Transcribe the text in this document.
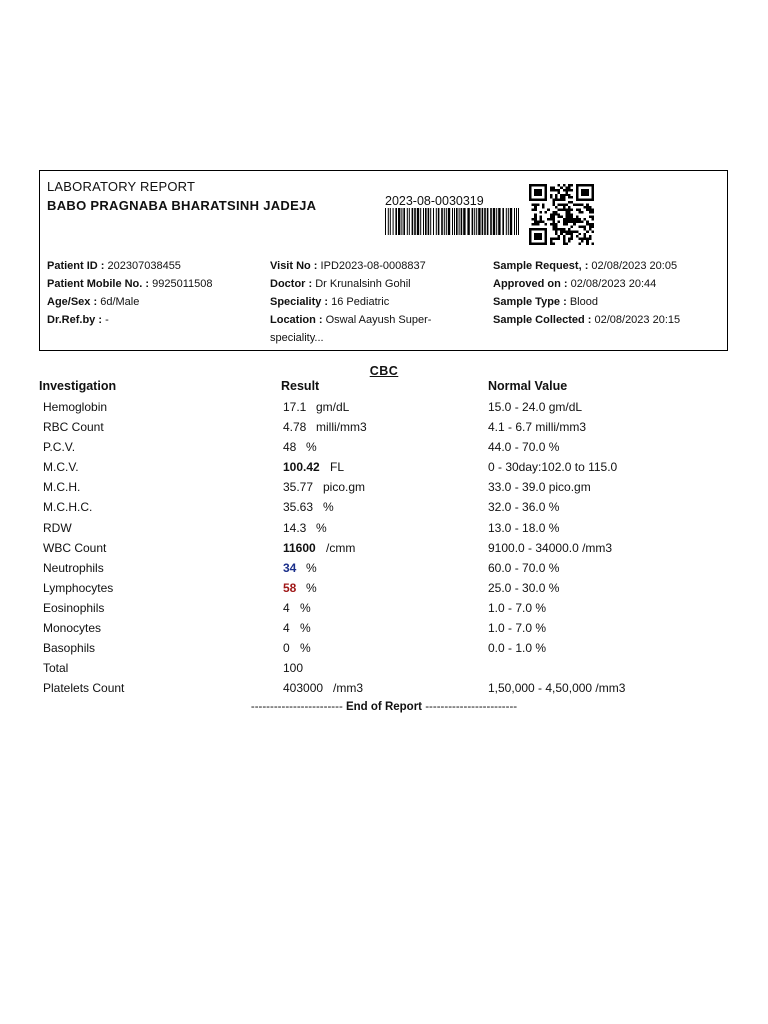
LABORATORY REPORT
BABO PRAGNABA BHARATSINH JADEJA	2023-08-0030319
Patient ID : 202307038455
Patient Mobile No. : 9925011508
Age/Sex : 6d/Male
Dr.Ref.by : -
Visit No : IPD2023-08-0008837
Doctor : Dr Krunalsinh Gohil
Speciality : 16 Pediatric
Location : Oswal Aayush Super-
speciality...
Sample Request, : 02/08/2023 20:05
Approved on : 02/08/2023 20:44
Sample Type : Blood
Sample Collected : 02/08/2023 20:15
CBC
Investigation	Result	Normal Value
Hemoglobin	17.1 gm/dL	15.0 - 24.0 gm/dL
RBC Count	4.78 milli/mm3	4.1 - 6.7 milli/mm3
P.C.V.	48 %	44.0 - 70.0 %
M.C.V.	100.42 FL	0 - 30day:102.0 to 115.0
M.C.H.	35.77 pico.gm	33.0 - 39.0 pico.gm
M.C.H.C.	35.63 %	32.0 - 36.0 %
RDW	14.3 %	13.0 - 18.0 %
WBC Count	11600 /cmm	9100.0 - 34000.0 /mm3
Neutrophils	34 %	60.0 - 70.0 %
Lymphocytes	58 %	25.0 - 30.0 %
Eosinophils	4 %	1.0 - 7.0 %
Monocytes	4 %	1.0 - 7.0 %
Basophils	0 %	0.0 - 1.0 %
Total	100
Platelets Count	403000 /mm3	1,50,000 - 4,50,000 /mm3
------------------------ End of Report ------------------------
